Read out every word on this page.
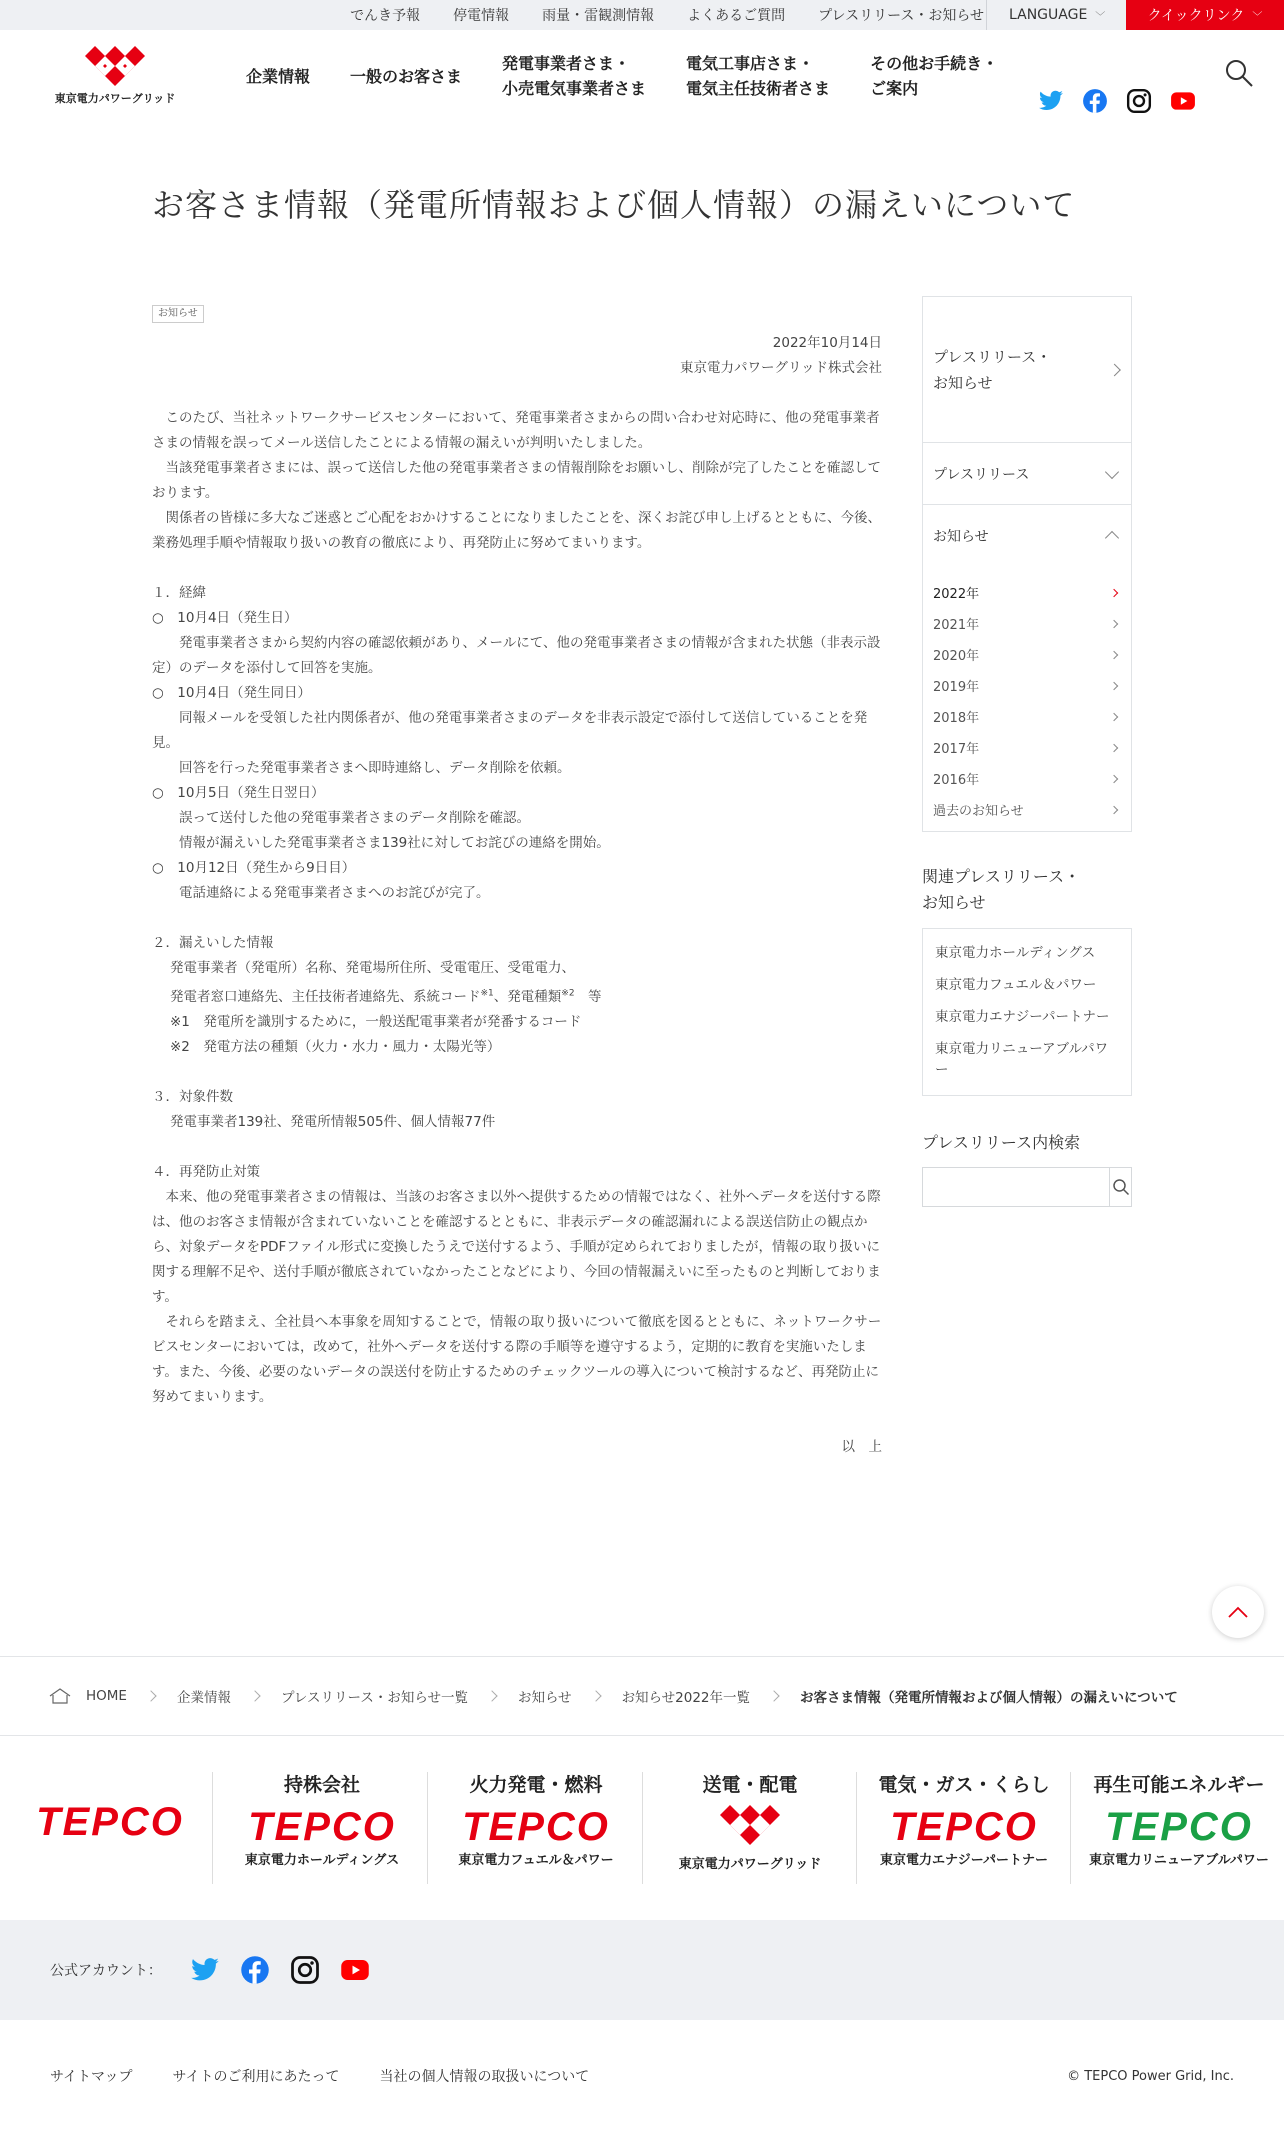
でんき予報 停電情報 雨量・雷観測情報 よくあるご質問 プレスリリース・お知らせ LANGUAGE ﹀	クイックリンク ﹀
東京電力パワーグリッド
企業情報	一般のお客さま
発電事業者さま・
小売電気事業者さま
電気工事店さま・
電気主任技術者さま
その他お手続き・
ご案内
お客さま情報（発電所情報および個人情報）の漏えいについて
お知らせ
2022年10月14日
東京電力パワーグリッド株式会社
　このたび、当社ネットワークサービスセンターにおいて、発電事業者さまからの問い合わせ対応時に、他の発電事業者さまの情報を誤ってメール送信したことによる情報の漏えいが判明いたしました。
　当該発電事業者さまには、誤って送信した他の発電事業者さまの情報削除をお願いし、削除が完了したことを確認しております。
　関係者の皆様に多大なご迷惑とご心配をおかけすることになりましたことを、深くお詫び申し上げるとともに、今後、業務処理手順や情報取り扱いの教育の徹底により、再発防止に努めてまいります。
１．経緯
○　10月4日（発生日）
　　発電事業者さまから契約内容の確認依頼があり、メールにて、他の発電事業者さまの情報が含まれた状態（非表示設定）のデータを添付して回答を実施。
○　10月4日（発生同日）
　　同報メールを受領した社内関係者が、他の発電事業者さまのデータを非表示設定で添付して送信していることを発見。
　　回答を行った発電事業者さまへ即時連絡し、データ削除を依頼。
○　10月5日（発生日翌日）
　　誤って送付した他の発電事業者さまのデータ削除を確認。
　　情報が漏えいした発電事業者さま139社に対してお詫びの連絡を開始。
○　10月12日（発生から9日目）
　　電話連絡による発電事業者さまへのお詫びが完了。
２．漏えいした情報
発電事業者（発電所）名称、発電場所住所、受電電圧、受電電力、
発電者窓口連絡先、主任技術者連絡先、系統コード$^{※1}$、発電種類$^{※2}$　等
※1　発電所を識別するために，一般送配電事業者が発番するコード
※2　発電方法の種類（火力・水力・風力・太陽光等）
３．対象件数
発電事業者139社、発電所情報505件、個人情報77件
４．再発防止対策
　本来、他の発電事業者さまの情報は、当該のお客さま以外へ提供するための情報ではなく、社外へデータを送付する際は、他のお客さま情報が含まれていないことを確認するとともに、非表示データの確認漏れによる誤送信防止の観点から、対象データをPDFファイル形式に変換したうえで送付するよう、手順が定められておりましたが，情報の取り扱いに関する理解不足や、送付手順が徹底されていなかったことなどにより、今回の情報漏えいに至ったものと判断しております。
　それらを踏まえ、全社員へ本事象を周知することで，情報の取り扱いについて徹底を図るとともに、ネットワークサービスセンターにおいては，改めて，社外へデータを送付する際の手順等を遵守するよう，定期的に教育を実施いたします。また、今後、必要のないデータの誤送付を防止するためのチェックツールの導入について検討するなど、再発防止に努めてまいります。
以　上
プレスリリース・
お知らせ
プレスリリース
お知らせ
2022年
2021年
2020年
2019年
2018年
2017年
2016年
過去のお知らせ
関連プレスリリース・
お知らせ
東京電力ホールディングス
東京電力フュエル＆パワー
東京電力エナジーパートナー
東京電力リニューアブルパワー
プレスリリース内検索
HOME	企業情報	プレスリリース・お知らせ一覧	お知らせ	お知らせ2022年一覧	お客さま情報（発電所情報および個人情報）の漏えいについて
TEPCO
持株会社
TEPCO
東京電力ホールディングス
火力発電・燃料
TEPCO
東京電力フュエル＆パワー
送電・配電
東京電力パワーグリッド
電気・ガス・くらし
TEPCO
東京電力エナジーパートナー
再生可能エネルギー
TEPCO
東京電力リニューアブルパワー
公式アカウント：
サイトマップ	サイトのご利用にあたって	当社の個人情報の取扱いについて	© TEPCO Power Grid, Inc.
